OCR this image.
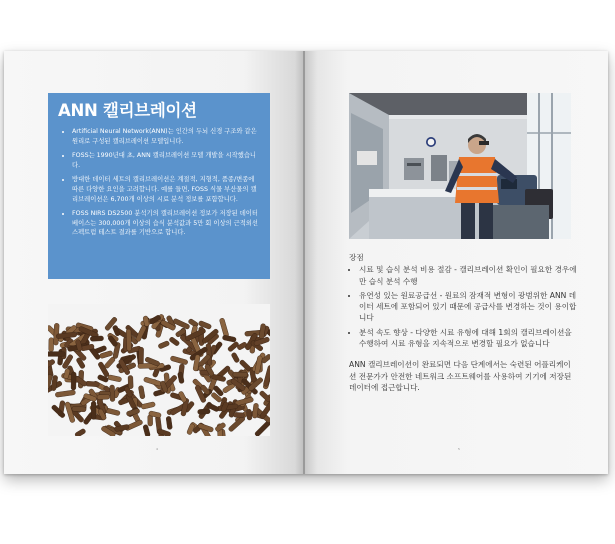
ANN 캘리브레이션
• Artificial Neural Network(ANN)는 인간의 두뇌 신경 구조와 같은 원리로 구성된 캘리브레이션 모델입니다.
• FOSS는 1990년대 초, ANN 캘리브레이션 모델 개발을 시작했습니다.
• 방대한 데이터 세트의 캘리브레이션은 계절적, 지형적, 품종/변종에 따른 다양한 요인을 고려합니다. 예를 들면, FOSS 식물 부산물의 캘리브레이션은 6,700개 이상의 시료 분석 정보를 포함합니다.
• FOSS NIRS DS2500 분석기의 캘리브레이션 정보가 저장된 데이터베이스는 300,000개 이상의 습식 분석값과 5만 회 이상의 근적외선 스펙트럼 테스트 결과를 기반으로 합니다.
4

장점

• 시료 및 습식 분석 비용 절감 - 캘리브레이션 확인이 필요한 경우에만 습식 분석 수행
• 유연성 있는 원료공급선 - 원료의 잠재적 변형이 광범위한 ANN 데이터 세트에 포함되어 있기 때문에 공급사를 변경하는 것이 용이합니다
• 분석 속도 향상 - 다양한 시료 유형에 대해 1회의 캘리브레이션을 수행하여 시료 유형을 지속적으로 변경할 필요가 없습니다

ANN 캘리브레이션이 완료되면 다음 단계에서는 숙련된 어플리케이션 전문가가 안전한 네트워크 소프트웨어를 사용하여 기기에 저장된 데이터에 접근합니다.

5
